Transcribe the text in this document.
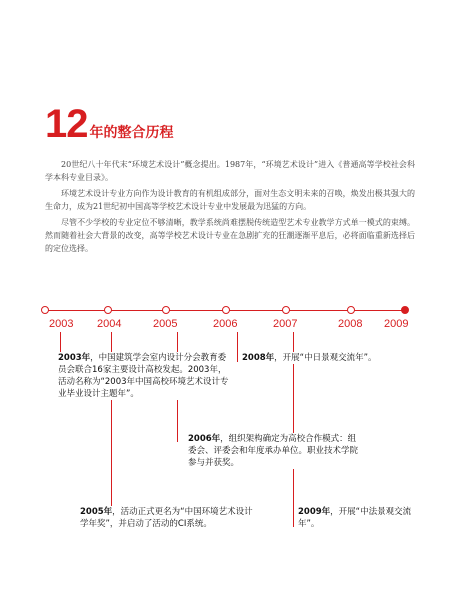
12 年的整合历程

20世纪八十年代末“环境艺术设计”概念提出。1987年，“环境艺术设计”进入《普通高等学校社会科学本科专业目录》。

环境艺术设计专业方向作为设计教育的有机组成部分，面对生态文明未来的召唤，焕发出极其强大的生命力，成为21世纪初中国高等学校艺术设计专业中发展最为迅猛的方向。

尽管不少学校的专业定位不够清晰，教学系统尚难摆脱传统造型艺术专业教学方式单一模式的束缚。然而随着社会大背景的改变，高等学校艺术设计专业在急剧扩充的狂潮逐渐平息后，必将面临重新选择后的定位选择。

2003 2004	2005	2006	2007	2008 2009
2003年，中国建筑学会室内设计分会教育委员会联合16家主要设计高校发起。2003年，活动名称为“2003年中国高校环境艺术设计专业毕业设计主题年”。
2008年，开展“中日景观交流年”。
2006年，组织架构确定为高校合作模式：组委会、评委会和年度承办单位。职业技术学院参与并获奖。
2005年，活动正式更名为“中国环境艺术设计学年奖”，并启动了活动的CI系统。
2009年，开展“中法景观交流年”。
